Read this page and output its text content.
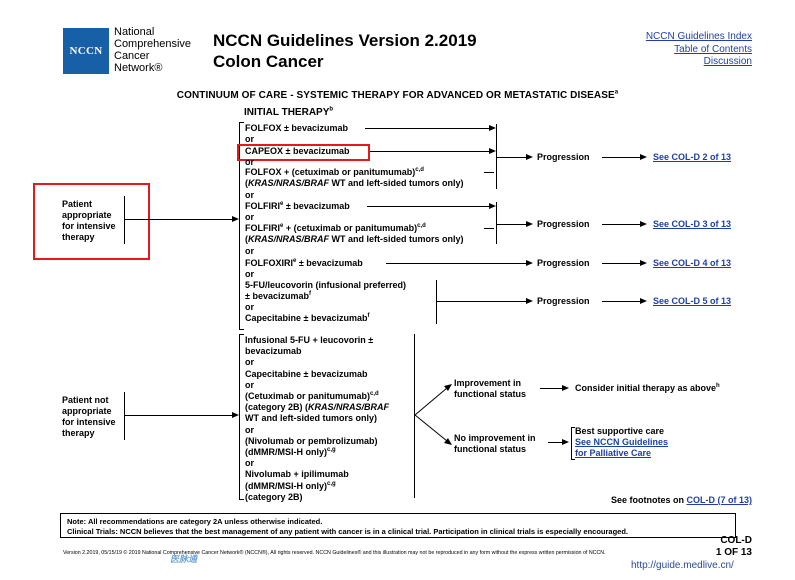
NCCN
National
Comprehensive
Cancer
Network®
NCCN Guidelines Version 2.2019
Colon Cancer
NCCN Guidelines Index
Table of Contents
Discussion
CONTINUUM OF CARE - SYSTEMIC THERAPY FOR ADVANCED OR METASTATIC DISEASE$^a$
Patient
appropriate
for intensive
therapy
Patient not
appropriate
for intensive
therapy
INITIAL THERAPY$^b$
FOLFOX ± bevacizumab
or
CAPEOX ± bevacizumab
or
FOLFOX + (cetuximab or panitumumab)$^{c,d}$
(KRAS/NRAS/BRAF WT and left-sided tumors only)
or
Progression	See COL-D 2 of 13
$FOLFIRI^e$ ± bevacizumab
or
$FOLFIRI^e$ + (cetuximab or panitumumab)$^{c,d}$
(KRAS/NRAS/BRAF WT and left-sided tumors only)
or
Progression	See COL-D 3 of 13
$FOLFOXIRI^e$ ± bevacizumab	Progression	See COL-D 4 of 13
or
5-FU/leucovorin (infusional preferred)
± bevacizumab$^f$
or
Capecitabine ± bevacizumab$^f$
Progression	See COL-D 5 of 13
Infusional 5-FU + leucovorin ±
bevacizumab
or
Capecitabine ± bevacizumab
or
(Cetuximab or panitumumab)$^{c,d}$
(category 2B) (KRAS/NRAS/BRAF
WT and left-sided tumors only)
or
(Nivolumab or pembrolizumab)
(dMMR/MSI-H only)$^{c,g}$
or
Nivolumab + ipilimumab
(dMMR/MSI-H only)$^{c,g}$
(category 2B)
Improvement in
functional status
Consider initial therapy as above$^h$
No improvement in
functional status
Best supportive care
See NCCN Guidelines
for Palliative Care
See footnotes on COL-D (7 of 13)
Note: All recommendations are category 2A unless otherwise indicated.
Clinical Trials: NCCN believes that the best management of any patient with cancer is in a clinical trial. Participation in clinical trials is especially encouraged.
COL-D
1 OF 13
Version 2.2019, 05/15/19 © 2019 National Comprehensive Cancer Network® (NCCN®), All rights reserved. NCCN Guidelines® and this illustration may not be reproduced in any form without the express written permission of NCCN.
医脉通
http://guide.medlive.cn/
